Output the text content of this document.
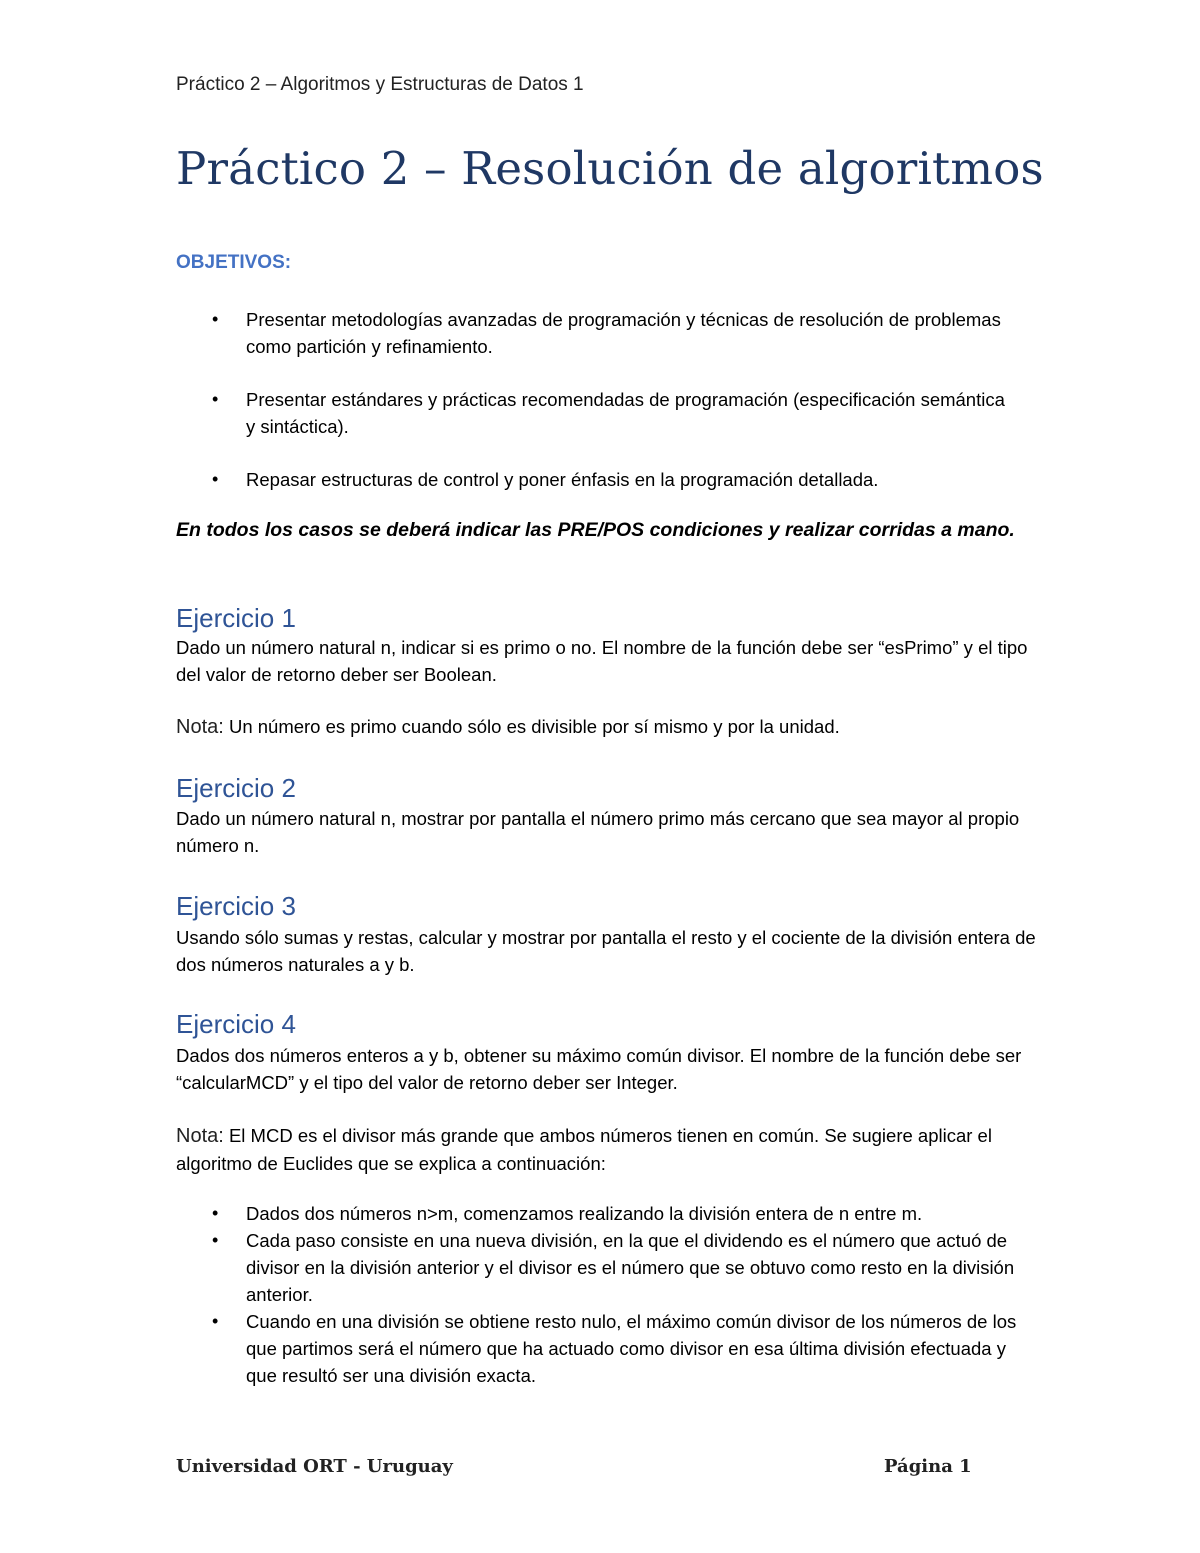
Práctico 2 – Algoritmos y Estructuras de Datos 1
Práctico 2 – Resolución de algoritmos
OBJETIVOS:
• Presentar metodologías avanzadas de programación y técnicas de resolución de problemas como partición y refinamiento.
• Presentar estándares y prácticas recomendadas de programación (especificación semántica y sintáctica).
• Repasar estructuras de control y poner énfasis en la programación detallada.
En todos los casos se deberá indicar las PRE/POS condiciones y realizar corridas a mano.
Ejercicio 1
Dado un número natural n, indicar si es primo o no. El nombre de la función debe ser “esPrimo” y el tipo del valor de retorno deber ser Boolean.
Nota: Un número es primo cuando sólo es divisible por sí mismo y por la unidad.
Ejercicio 2
Dado un número natural n, mostrar por pantalla el número primo más cercano que sea mayor al propio número n.
Ejercicio 3
Usando sólo sumas y restas, calcular y mostrar por pantalla el resto y el cociente de la división entera de dos números naturales a y b.
Ejercicio 4
Dados dos números enteros a y b, obtener su máximo común divisor. El nombre de la función debe ser “calcularMCD” y el tipo del valor de retorno deber ser Integer.
Nota: El MCD es el divisor más grande que ambos números tienen en común. Se sugiere aplicar el algoritmo de Euclides que se explica a continuación:
• Dados dos números n>m, comenzamos realizando la división entera de n entre m.
• Cada paso consiste en una nueva división, en la que el dividendo es el número que actuó de divisor en la división anterior y el divisor es el número que se obtuvo como resto en la división anterior.
• Cuando en una división se obtiene resto nulo, el máximo común divisor de los números de los que partimos será el número que ha actuado como divisor en esa última división efectuada y que resultó ser una división exacta.
Universidad ORT - Uruguay	Página 1
